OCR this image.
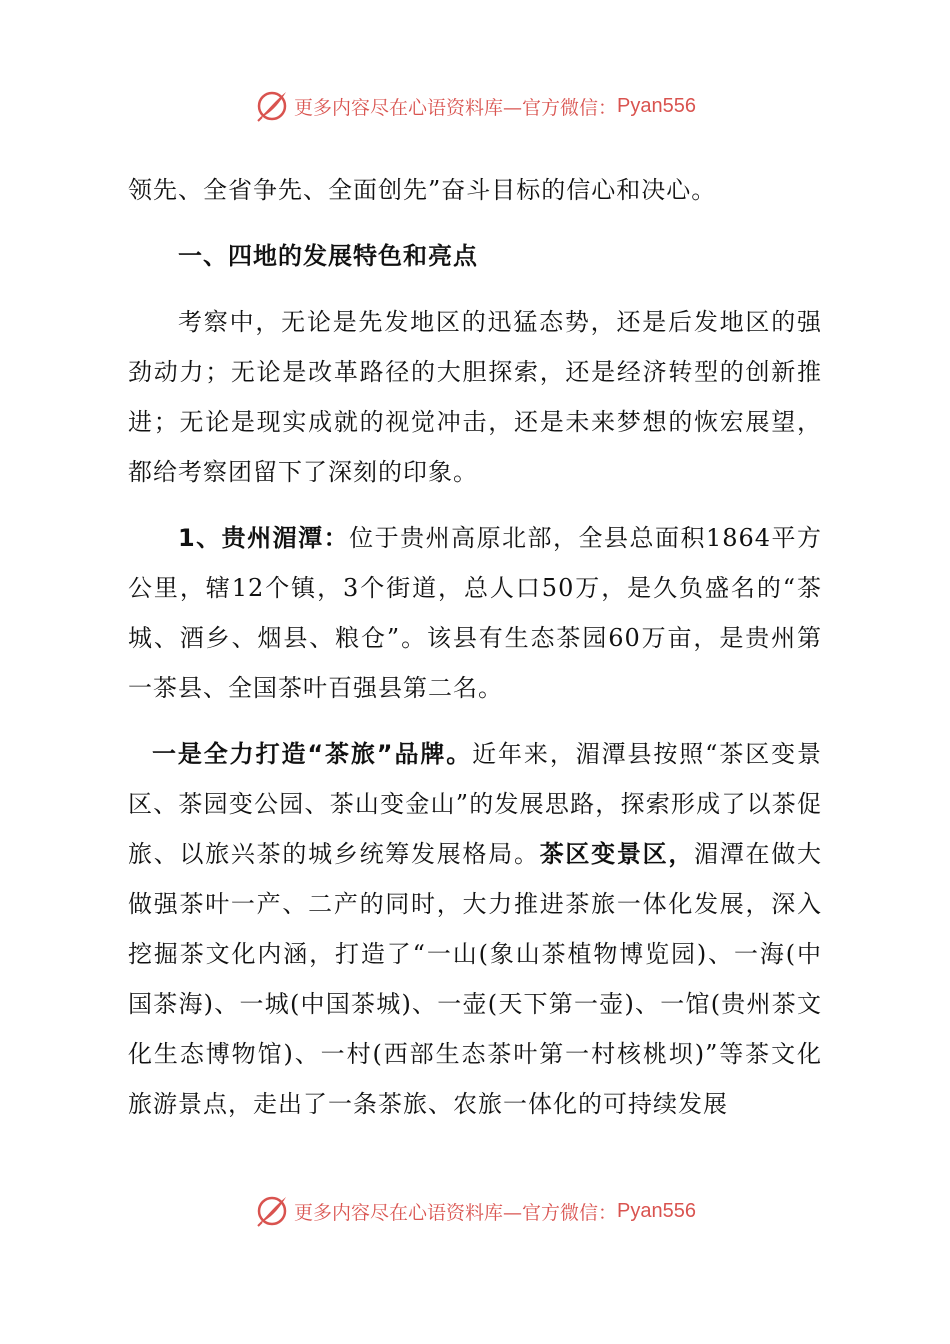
更多内容尽在心语资料库—官方微信： Pyan556

领先、全省争先、全面创先”奋斗目标的信心和决心。

一、四地的发展特色和亮点

考察中，无论是先发地区的迅猛态势，还是后发地区的强劲动力；无论是改革路径的大胆探索，还是经济转型的创新推进；无论是现实成就的视觉冲击，还是未来梦想的恢宏展望，都给考察团留下了深刻的印象。

1、贵州湄潭：位于贵州高原北部，全县总面积1864平方公里，辖12个镇，3个街道，总人口50万，是久负盛名的“茶城、酒乡、烟县、粮仓”。该县有生态茶园60万亩，是贵州第一茶县、全国茶叶百强县第二名。

一是全力打造“茶旅”品牌。近年来，湄潭县按照“茶区变景区、茶园变公园、茶山变金山”的发展思路，探索形成了以茶促旅、以旅兴茶的城乡统筹发展格局。茶区变景区，湄潭在做大做强茶叶一产、二产的同时，大力推进茶旅一体化发展，深入挖掘茶文化内涵，打造了“一山(象山茶植物博览园)、一海(中国茶海)、一城(中国茶城)、一壶(天下第一壶)、一馆(贵州茶文化生态博物馆)、一村(西部生态茶叶第一村核桃坝)”等茶文化旅游景点，走出了一条茶旅、农旅一体化的可持续发展

更多内容尽在心语资料库—官方微信： Pyan556
